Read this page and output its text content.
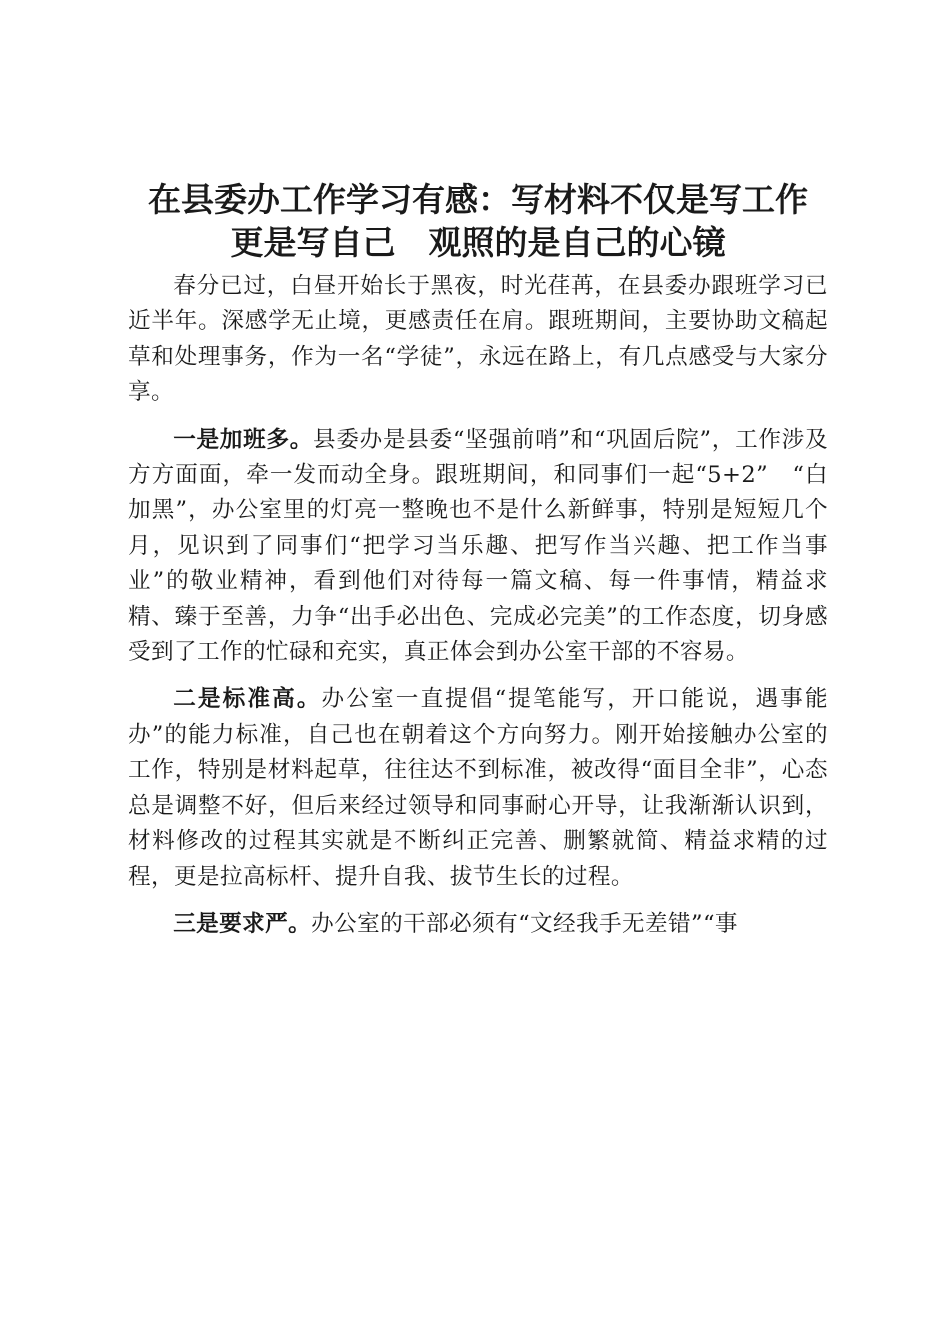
在县委办工作学习有感：写材料不仅是写工作
更是写自己　观照的是自己的心镜

春分已过，白昼开始长于黑夜，时光荏苒，在县委办跟班学习已近半年。深感学无止境，更感责任在肩。跟班期间，主要协助文稿起草和处理事务，作为一名“学徒”，永远在路上，有几点感受与大家分享。

一是加班多。县委办是县委“坚强前哨”和“巩固后院”，工作涉及方方面面，牵一发而动全身。跟班期间，和同事们一起“5+2”　“白加黑”，办公室里的灯亮一整晚也不是什么新鲜事，特别是短短几个月，见识到了同事们“把学习当乐趣、把写作当兴趣、把工作当事业”的敬业精神，看到他们对待每一篇文稿、每一件事情，精益求精、臻于至善，力争“出手必出色、完成必完美”的工作态度，切身感受到了工作的忙碌和充实，真正体会到办公室干部的不容易。

二是标准高。办公室一直提倡“提笔能写，开口能说，遇事能办”的能力标准，自己也在朝着这个方向努力。刚开始接触办公室的工作，特别是材料起草，往往达不到标准，被改得“面目全非”，心态总是调整不好，但后来经过领导和同事耐心开导，让我渐渐认识到，材料修改的过程其实就是不断纠正完善、删繁就简、精益求精的过程，更是拉高标杆、提升自我、拔节生长的过程。

三是要求严。办公室的干部必须有“文经我手无差错”“事
